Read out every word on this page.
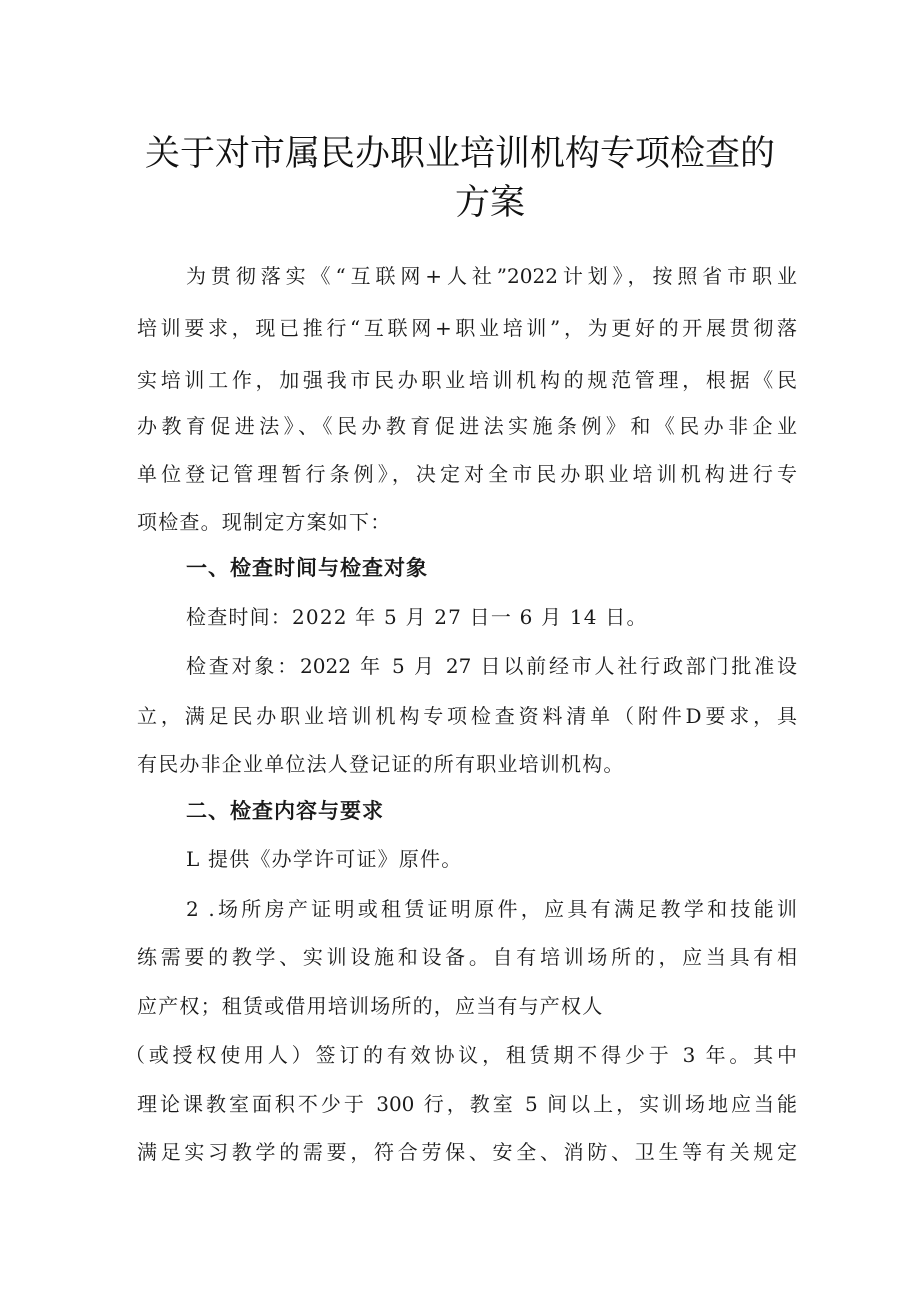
关于对市属民办职业培训机构专项检查的
方案
为贯彻落实《“互联网+人社”2022计划》，按照省市职业
培训要求，现已推行“互联网+职业培训”，为更好的开展贯彻落
实培训工作，加强我市民办职业培训机构的规范管理，根据《民
办教育促进法》、《民办教育促进法实施条例》和《民办非企业
单位登记管理暂行条例》，决定对全市民办职业培训机构进行专
项检查。现制定方案如下：
一、检查时间与检查对象
检查时间：2022 年 5 月 27 日一 6 月 14 日。
检查对象：2022 年 5 月 27 日以前经市人社行政部门批准设
立，满足民办职业培训机构专项检查资料清单（附件D要求，具
有民办非企业单位法人登记证的所有职业培训机构。
二、检查内容与要求
L 提供《办学许可证》原件。
2 .场所房产证明或租赁证明原件，应具有满足教学和技能训
练需要的教学、实训设施和设备。自有培训场所的，应当具有相
应产权；租赁或借用培训场所的，应当有与产权人
（或授权使用人）签订的有效协议，租赁期不得少于 3 年。其中
理论课教室面积不少于 300 行，教室 5 间以上，实训场地应当能
满足实习教学的需要，符合劳保、安全、消防、卫生等有关规定
